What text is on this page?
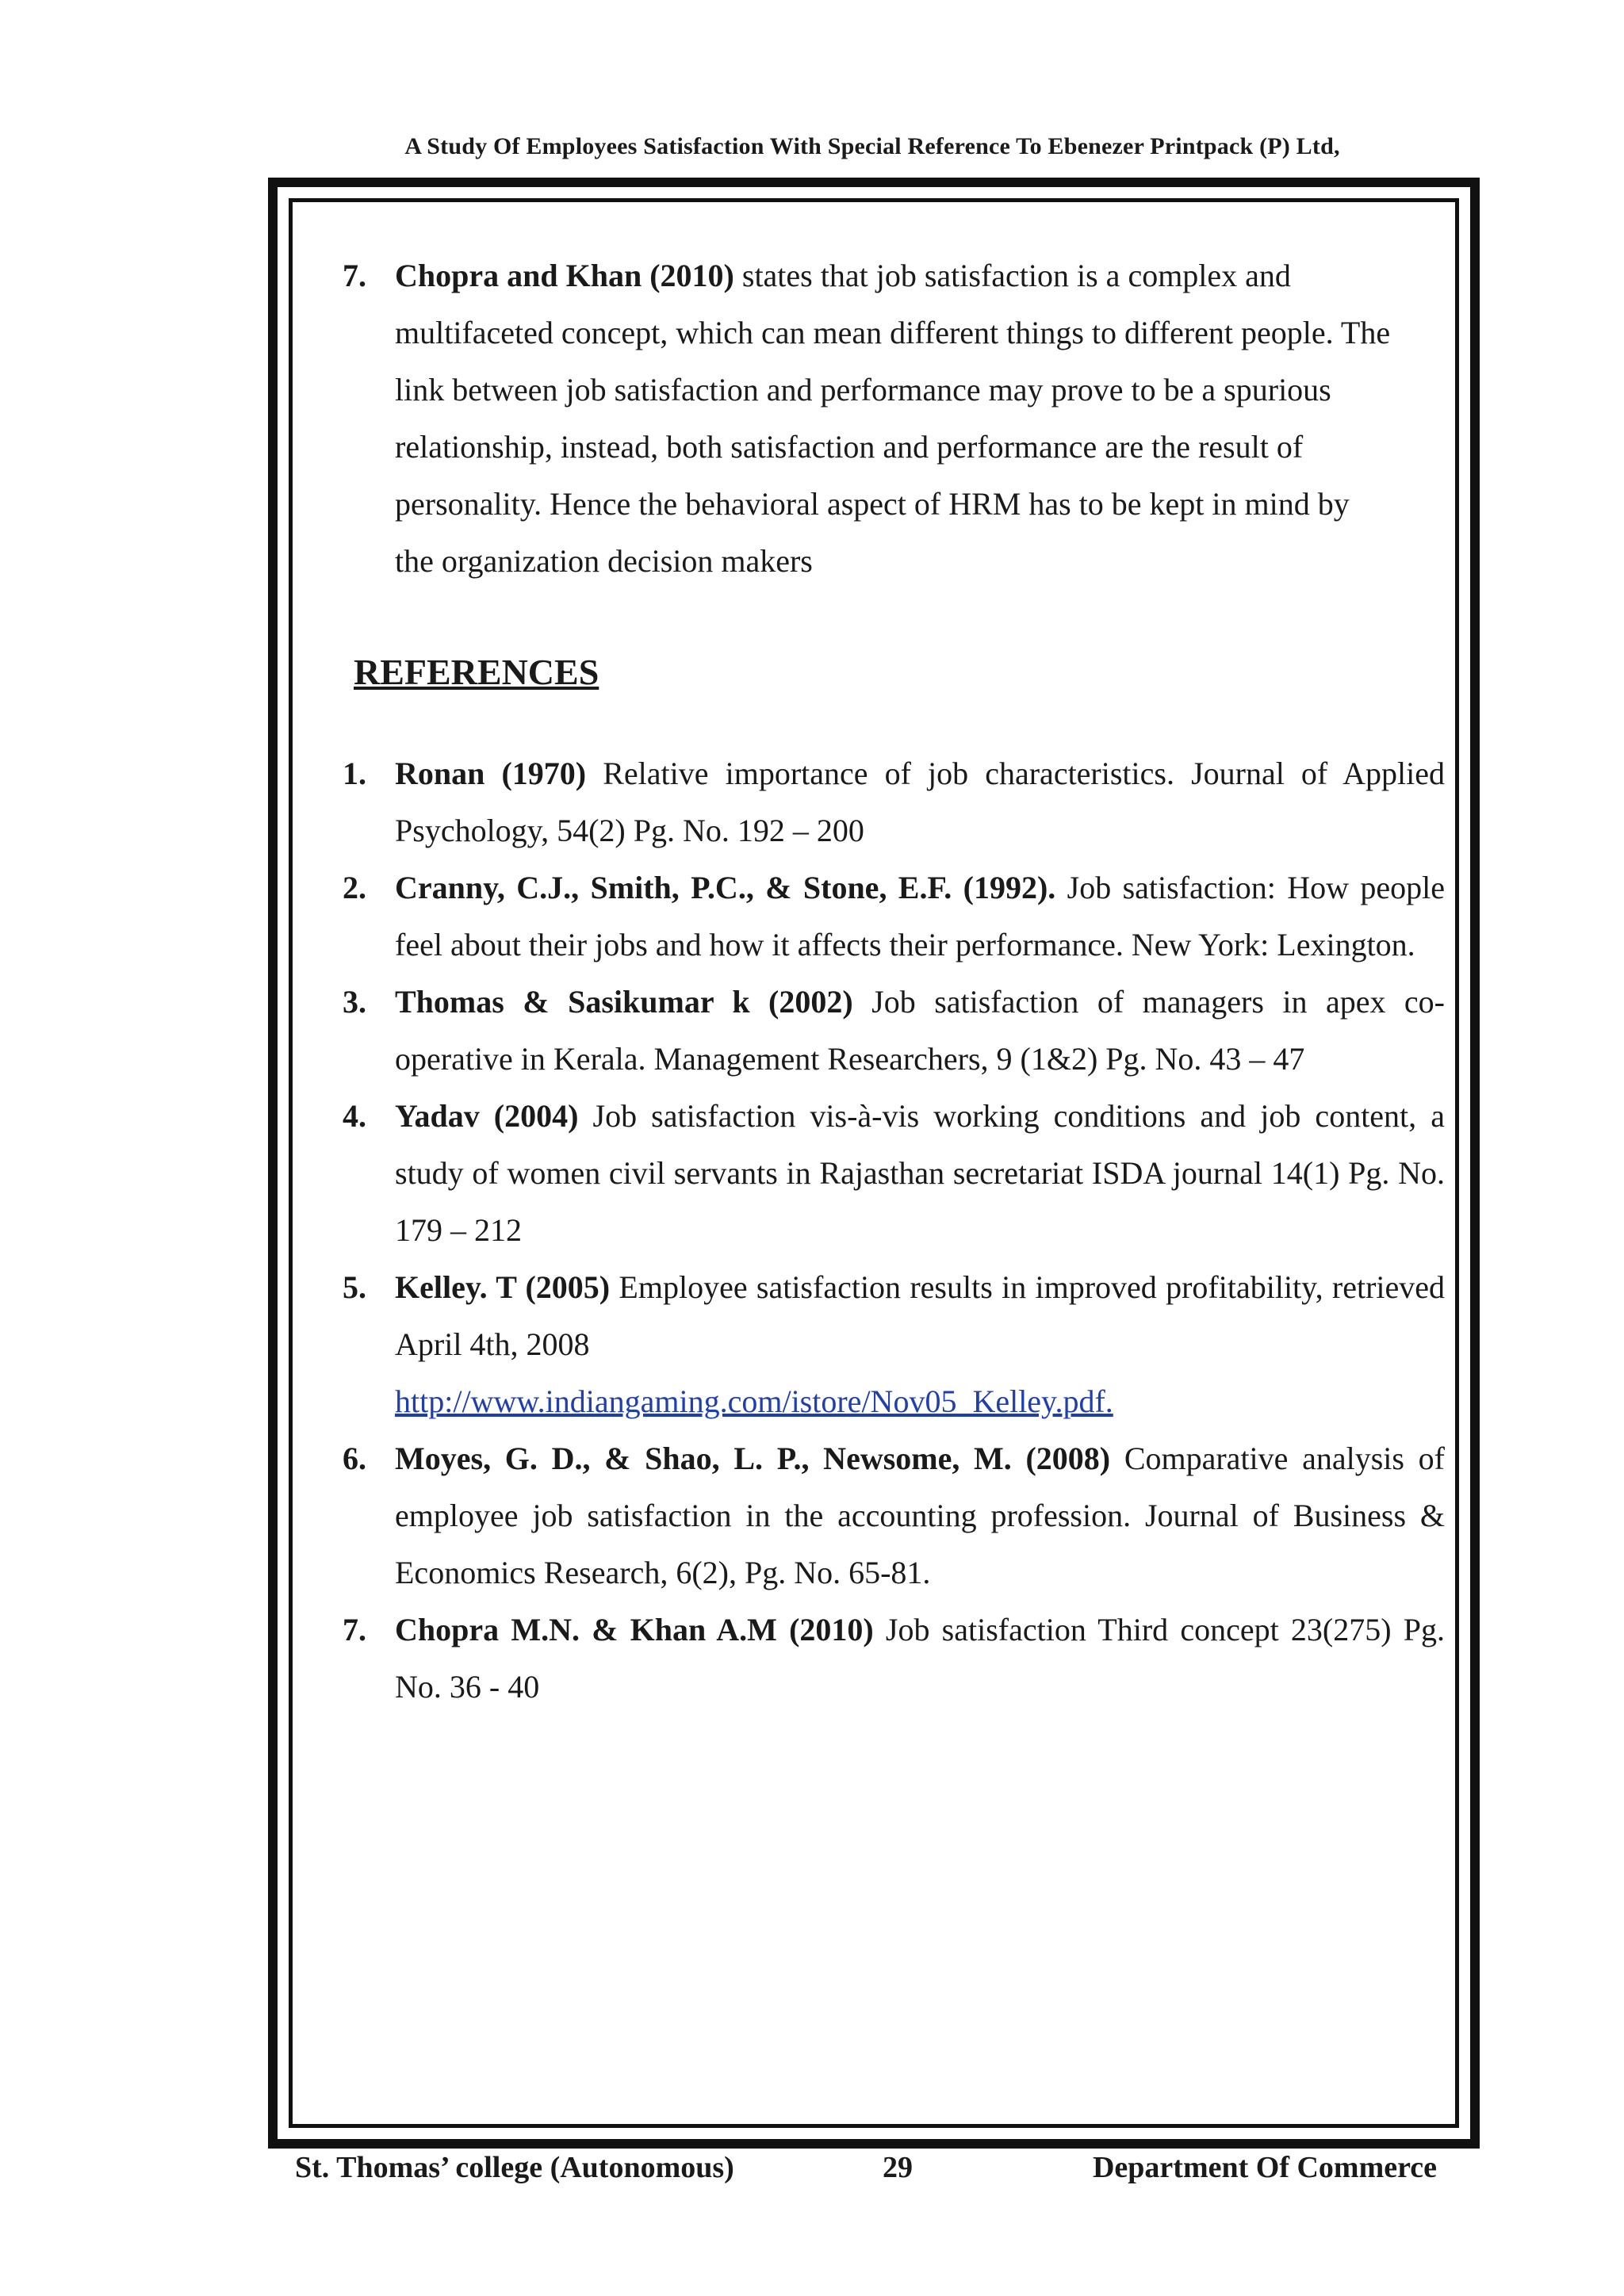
A Study Of Employees Satisfaction With Special Reference To Ebenezer Printpack (P) Ltd,
7. Chopra and Khan (2010) states that job satisfaction is a complex and
multifaceted concept, which can mean different things to different people. The
link between job satisfaction and performance may prove to be a spurious
relationship, instead, both satisfaction and performance are the result of
personality. Hence the behavioral aspect of HRM has to be kept in mind by
the organization decision makers
REFERENCES
1. Ronan (1970) Relative importance of job characteristics. Journal of Applied Psychology, 54(2) Pg. No. 192 – 200
2. Cranny, C.J., Smith, P.C., & Stone, E.F. (1992). Job satisfaction: How people feel about their jobs and how it affects their performance. New York: Lexington.
3. Thomas & Sasikumar k (2002) Job satisfaction of managers in apex co-operative in Kerala. Management Researchers, 9 (1&2) Pg. No. 43 – 47
4. Yadav (2004) Job satisfaction vis-à-vis working conditions and job content, a study of women civil servants in Rajasthan secretariat ISDA journal 14(1) Pg. No. 179 – 212
5. Kelley. T (2005) Employee satisfaction results in improved profitability, retrieved April 4th, 2008
http://www.indiangaming.com/istore/Nov05_Kelley.pdf.
6. Moyes, G. D., & Shao, L. P., Newsome, M. (2008) Comparative analysis of employee job satisfaction in the accounting profession. Journal of Business & Economics Research, 6(2), Pg. No. 65-81.
7. Chopra M.N. & Khan A.M (2010) Job satisfaction Third concept 23(275) Pg. No. 36 - 40
St. Thomas’ college (Autonomous)	29	Department Of Commerce
